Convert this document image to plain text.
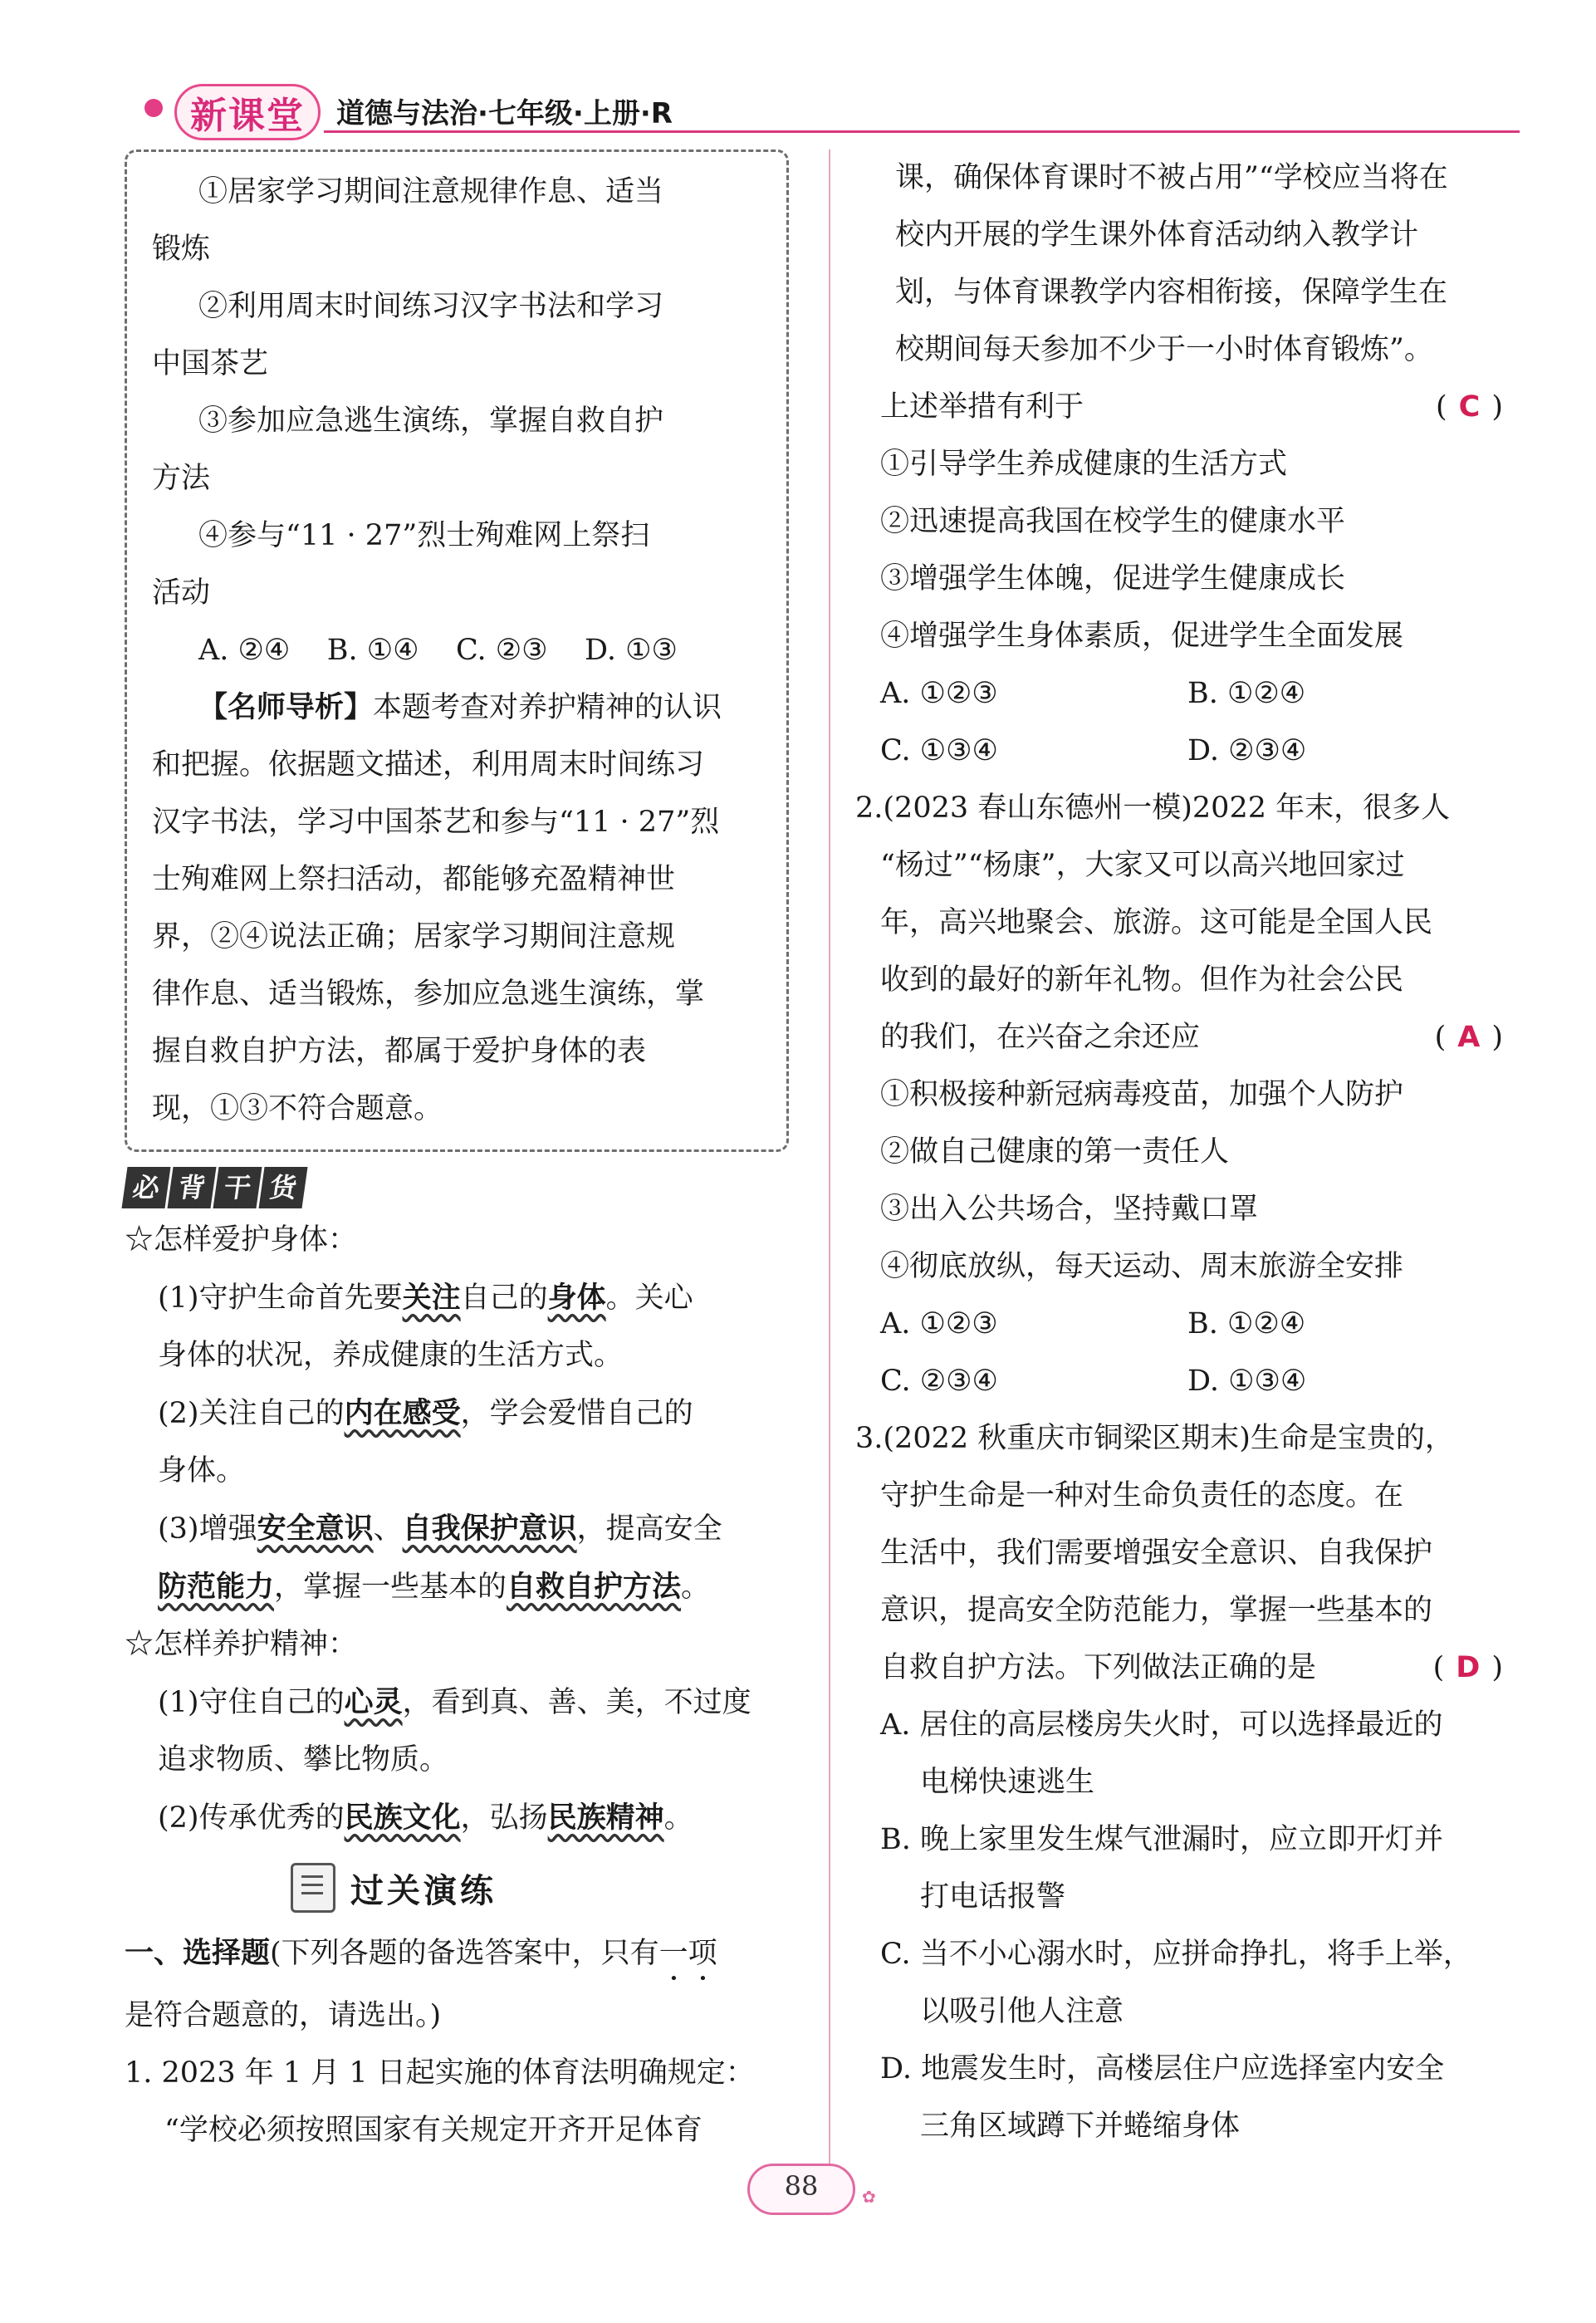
新课堂 道德与法治·七年级·上册·R
①居家学习期间注意规律作息、适当
锻炼
②利用周末时间练习汉字书法和学习
中国茶艺
③参加应急逃生演练，掌握自救自护
方法
④参与“11 · 27”烈士殉难网上祭扫
活动
A. ②④    B. ①④    C. ②③    D. ①③
【名师导析】本题考查对养护精神的认识
和把握。依据题文描述，利用周末时间练习
汉字书法，学习中国茶艺和参与“11 · 27”烈
士殉难网上祭扫活动，都能够充盈精神世
界，②④说法正确；居家学习期间注意规
律作息、适当锻炼，参加应急逃生演练，掌
握自救自护方法，都属于爱护身体的表
现，①③不符合题意。
必 背 干 货
☆怎样爱护身体：
(1)守护生命首先要关注自己的身体。关心
身体的状况，养成健康的生活方式。
(2)关注自己的内在感受，学会爱惜自己的
身体。
(3)增强安全意识、自我保护意识，提高安全
防范能力，掌握一些基本的自救自护方法。
☆怎样养护精神：
(1)守住自己的心灵，看到真、善、美，不过度
追求物质、攀比物质。
(2)传承优秀的民族文化，弘扬民族精神。
过关演练
一、选择题(下列各题的备选答案中，只有一项
是符合题意的，请选出。)
1. 2023 年 1 月 1 日起实施的体育法明确规定：
“学校必须按照国家有关规定开齐开足体育
课，确保体育课时不被占用”“学校应当将在
校内开展的学生课外体育活动纳入教学计
划，与体育课教学内容相衔接，保障学生在
校期间每天参加不少于一小时体育锻炼”。
上述举措有利于	( C )
①引导学生养成健康的生活方式
②迅速提高我国在校学生的健康水平
③增强学生体魄，促进学生健康成长
④增强学生身体素质，促进学生全面发展
A. ①②③	B. ①②④
C. ①③④	D. ②③④
2.(2023 春山东德州一模)2022 年末，很多人
“杨过”“杨康”，大家又可以高兴地回家过
年，高兴地聚会、旅游。这可能是全国人民
收到的最好的新年礼物。但作为社会公民
的我们，在兴奋之余还应	( A )
①积极接种新冠病毒疫苗，加强个人防护
②做自己健康的第一责任人
③出入公共场合，坚持戴口罩
④彻底放纵，每天运动、周末旅游全安排
A. ①②③	B. ①②④
C. ②③④	D. ①③④
3.(2022 秋重庆市铜梁区期末)生命是宝贵的，
守护生命是一种对生命负责任的态度。在
生活中，我们需要增强安全意识、自我保护
意识，提高安全防范能力，掌握一些基本的
自救自护方法。下列做法正确的是	( D )
A. 居住的高层楼房失火时，可以选择最近的
电梯快速逃生
B. 晚上家里发生煤气泄漏时，应立即开灯并
打电话报警
C. 当不小心溺水时，应拼命挣扎，将手上举，
以吸引他人注意
D. 地震发生时，高楼层住户应选择室内安全
三角区域蹲下并蜷缩身体
88	✿
